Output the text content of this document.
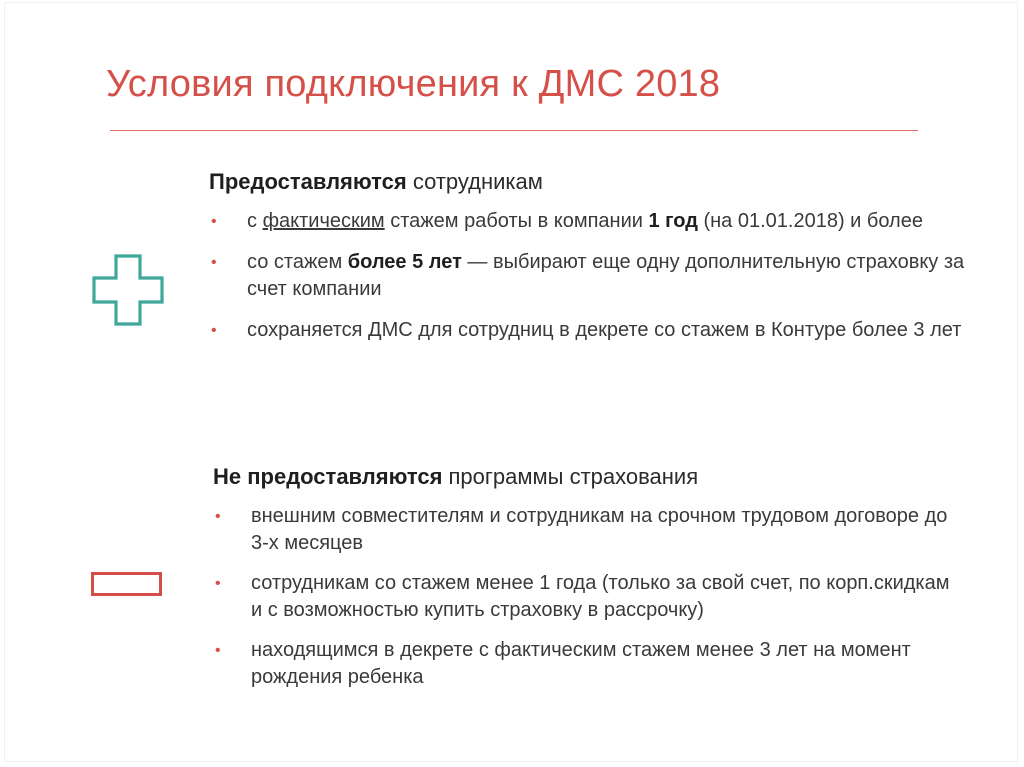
Условия подключения к ДМС 2018
Предоставляются сотрудникам
• с фактическим стажем работы в компании 1 год (на 01.01.2018) и более
• со стажем более 5 лет — выбирают еще одну дополнительную страховку за счет компании
• сохраняется ДМС для сотрудниц в декрете со стажем в Контуре более 3 лет
Не предоставляются программы страхования
• внешним совместителям и сотрудникам на срочном трудовом договоре до 3-х месяцев
• сотрудникам со стажем менее 1 года (только за свой счет, по корп.скидкам и с возможностью купить страховку в рассрочку)
• находящимся в декрете с фактическим стажем менее 3 лет на момент рождения ребенка
